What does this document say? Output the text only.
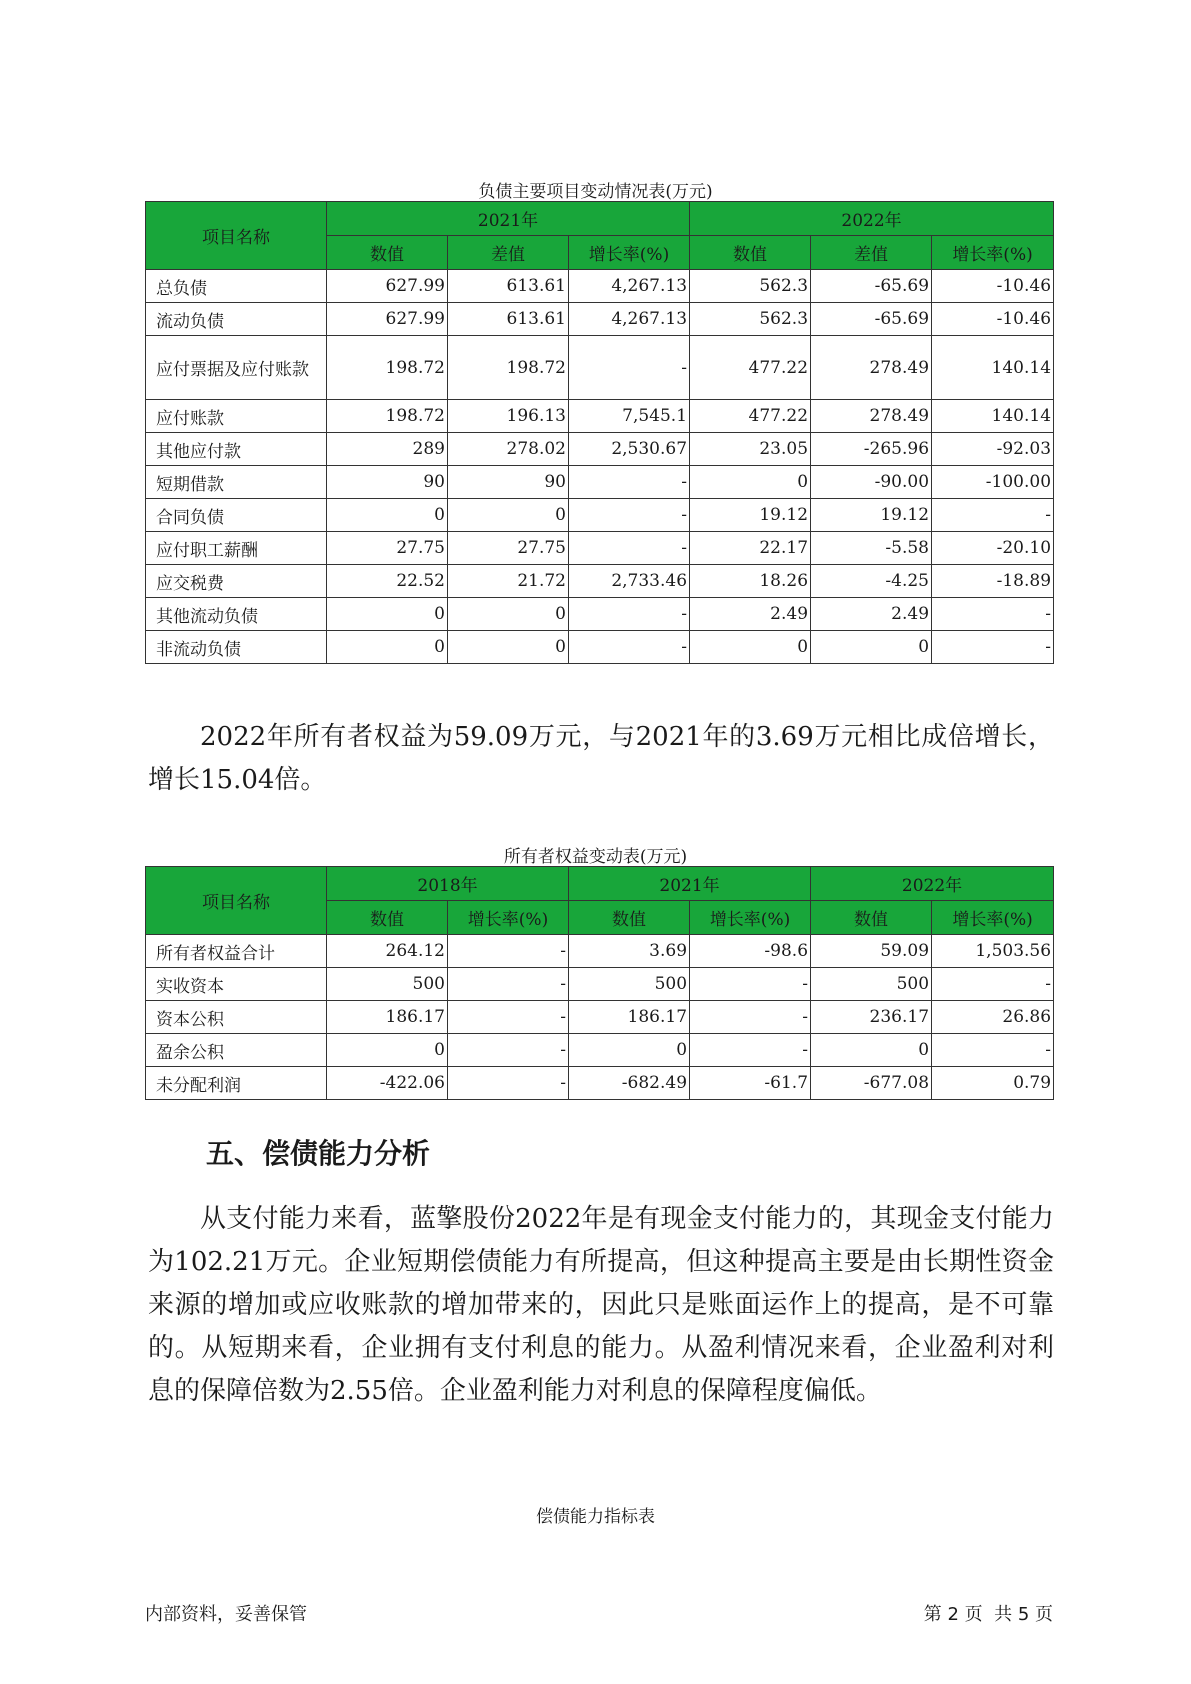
负债主要项目变动情况表(万元)
项目名称	2021年			2022年		
	数值	差值	增长率(%)	数值	差值	增长率(%)
总负债	627.99	613.61	4,267.13	562.3	-65.69	-10.46
流动负债	627.99	613.61	4,267.13	562.3	-65.69	-10.46
应付票据及应付账款	198.72	198.72	-	477.22	278.49	140.14
应付账款	198.72	196.13	7,545.1	477.22	278.49	140.14
其他应付款	289	278.02	2,530.67	23.05	-265.96	-92.03
短期借款	90	90	-	0	-90.00	-100.00
合同负债	0	0	-	19.12	19.12	-
应付职工薪酬	27.75	27.75	-	22.17	-5.58	-20.10
应交税费	22.52	21.72	2,733.46	18.26	-4.25	-18.89
其他流动负债	0	0	-	2.49	2.49	-
非流动负债	0	0	-	0	0	-
2022年所有者权益为59.09万元，与2021年的3.69万元相比成倍增长，增长15.04倍。
所有者权益变动表(万元)
项目名称	2018年		2021年		2022年	
	数值	增长率(%)	数值	增长率(%)	数值	增长率(%)
所有者权益合计	264.12	-	3.69	-98.6	59.09	1,503.56
实收资本	500	-	500	-	500	-
资本公积	186.17	-	186.17	-	236.17	26.86
盈余公积	0	-	0	-	0	-
未分配利润	-422.06	-	-682.49	-61.7	-677.08	0.79
五、偿债能力分析
从支付能力来看，蓝擎股份2022年是有现金支付能力的，其现金支付能力为102.21万元。企业短期偿债能力有所提高，但这种提高主要是由长期性资金来源的增加或应收账款的增加带来的，因此只是账面运作上的提高，是不可靠的。从短期来看，企业拥有支付利息的能力。从盈利情况来看，企业盈利对利息的保障倍数为2.55倍。企业盈利能力对利息的保障程度偏低。
偿债能力指标表
内部资料，妥善保管	第 2 页  共 5 页
